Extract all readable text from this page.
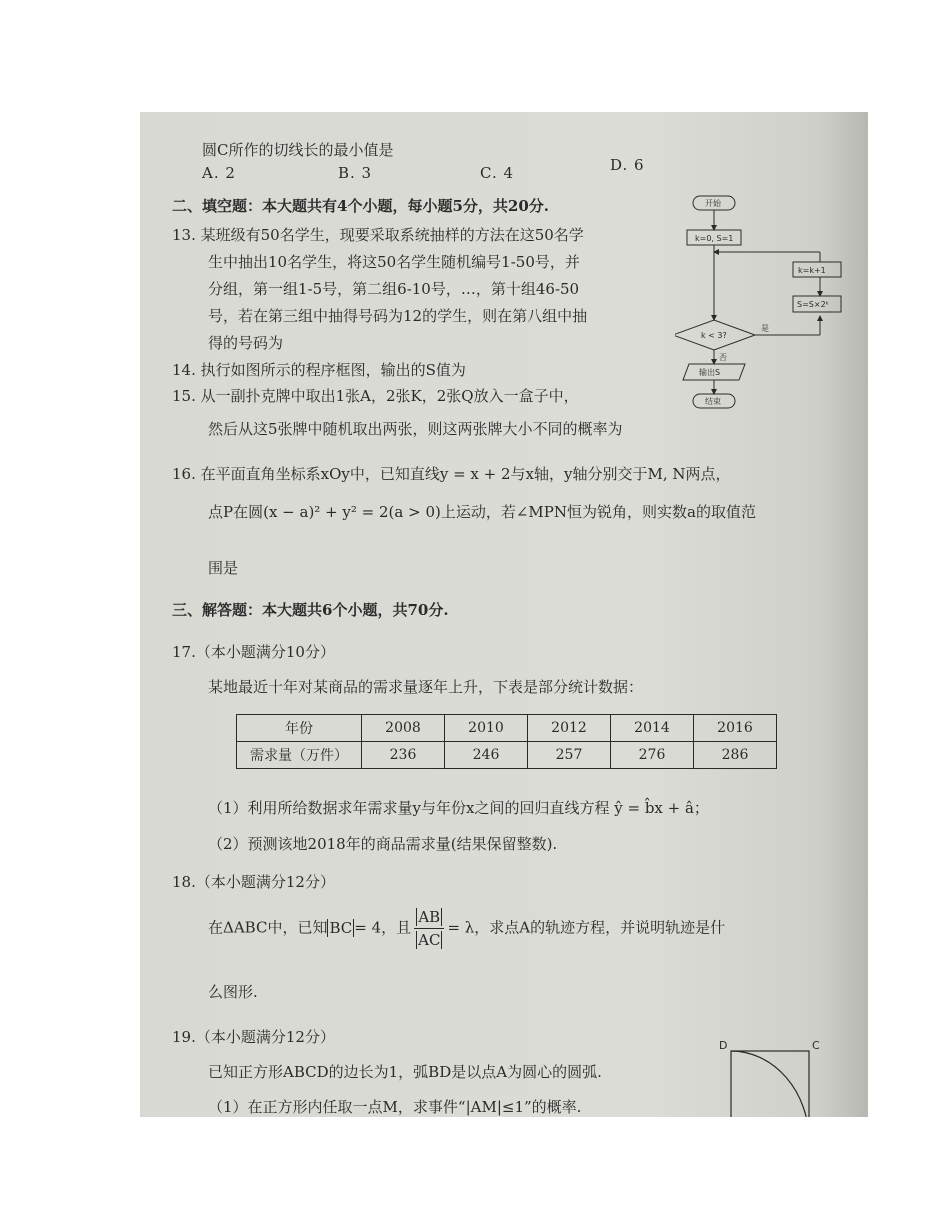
圆C所作的切线长的最小值是
A. 2	B. 3	C. 4	D. 6
二、填空题：本大题共有4个小题，每小题5分，共20分.
13. 某班级有50名学生，现要采取系统抽样的方法在这50名学
生中抽出10名学生，将这50名学生随机编号1-50号，并
分组，第一组1-5号，第二组6-10号，…，第十组46-50
号，若在第三组中抽得号码为12的学生，则在第八组中抽
得的号码为
14. 执行如图所示的程序框图，输出的S值为
15. 从一副扑克牌中取出1张A，2张K，2张Q放入一盒子中，
然后从这5张牌中随机取出两张，则这两张牌大小不同的概率为
16. 在平面直角坐标系xOy中，已知直线y = x + 2与x轴，y轴分别交于M, N两点，
点P在圆(x − a)² + y² = 2(a > 0)上运动，若∠MPN恒为锐角，则实数a的取值范
围是
三、解答题：本大题共6个小题，共70分.
17.（本小题满分10分）
某地最近十年对某商品的需求量逐年上升，下表是部分统计数据：
年份	2008	2010	2012	2014	2016
需求量（万件）	236	246	257	276	286
（1）利用所给数据求年需求量y与年份x之间的回归直线方程 ŷ = b̂x + â；
（2）预测该地2018年的商品需求量(结果保留整数).
18.（本小题满分12分）
在ΔABC中，已知 BC = 4，且 $\frac{AB}{AC} = \lambda$，求点A的轨迹方程，并说明轨迹是什
么图形.
19.（本小题满分12分）
已知正方形ABCD的边长为1，弧BD是以点A为圆心的圆弧.
（1）在正方形内任取一点M，求事件“|AM|≤1”的概率.
开始
k=0, S=1
k=k+1
S=S×2ᵏ
k < 3?
是
否
输出S
结束
D	C
